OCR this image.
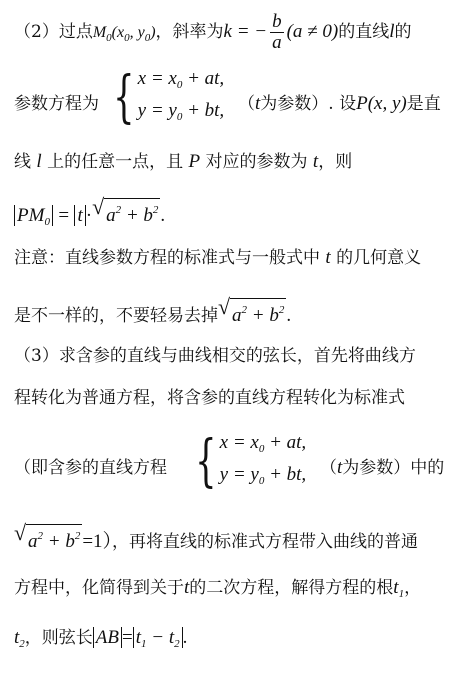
（2）过点$M_0(x_0$, $y_0$)，斜率为k = − $\frac{b}{a} (a \ne 0)$的直线l的
参数方程为 { $x = x_0$ + at,
$y = y_0$ + bt, （t为参数）. 设P(x, y)是直
线 l 上的任意一点，且 P 对应的参数为 t，则
$PM_0 = t$ · √ $a^2 + b^2$ .
注意：直线参数方程的标准式与一般式中 t 的几何意义
是不一样的，不要轻易去掉 √ $a^2 + b^2$ .
（3）求含参的直线与曲线相交的弦长，首先将曲线方
程转化为普通方程，将含参的直线方程转化为标准式
（即含参的直线方程 { $x = x_0$ + at,
$y = y_0$ + bt, （t为参数）中的
√ $a^2 + b^2 =1$），再将直线的标准式方程带入曲线的普通
方程中，化简得到关于t的二次方程，解得方程的根$t_1$，
$t_2$，则弦长 AB = $t_1 - t_2$ .
